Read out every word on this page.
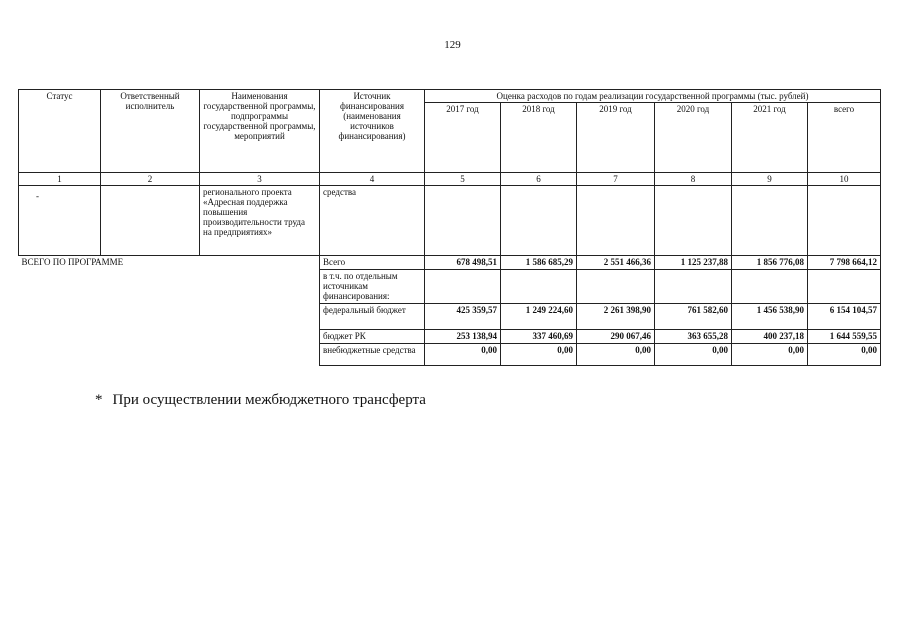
129
Статус	Ответственный исполнитель	Наименования государственной программы, подпрограммы государственной программы, мероприятий	Источник финансирования (наименования источников финансирования)	Оценка расходов по годам реализации государственной программы (тыс. рублей)					
				2017 год	2018 год	2019 год	2020 год	2021 год	всего
1	2	3	4	5	6	7	8	9	10
-		регионального проекта «Адресная поддержка повышения производительности труда на предприятиях»	средства						
ВСЕГО ПО ПРОГРАММЕ			Всего	678 498,51	1 586 685,29	2 551 466,36	1 125 237,88	1 856 776,08	7 798 664,12
			в т.ч. по отдельным источникам финансирования:						
			федеральный бюджет	425 359,57	1 249 224,60	2 261 398,90	761 582,60	1 456 538,90	6 154 104,57
			бюджет РК	253 138,94	337 460,69	290 067,46	363 655,28	400 237,18	1 644 559,55
			внебюджетные средства	0,00	0,00	0,00	0,00	0,00	0,00
* При осуществлении межбюджетного трансферта
